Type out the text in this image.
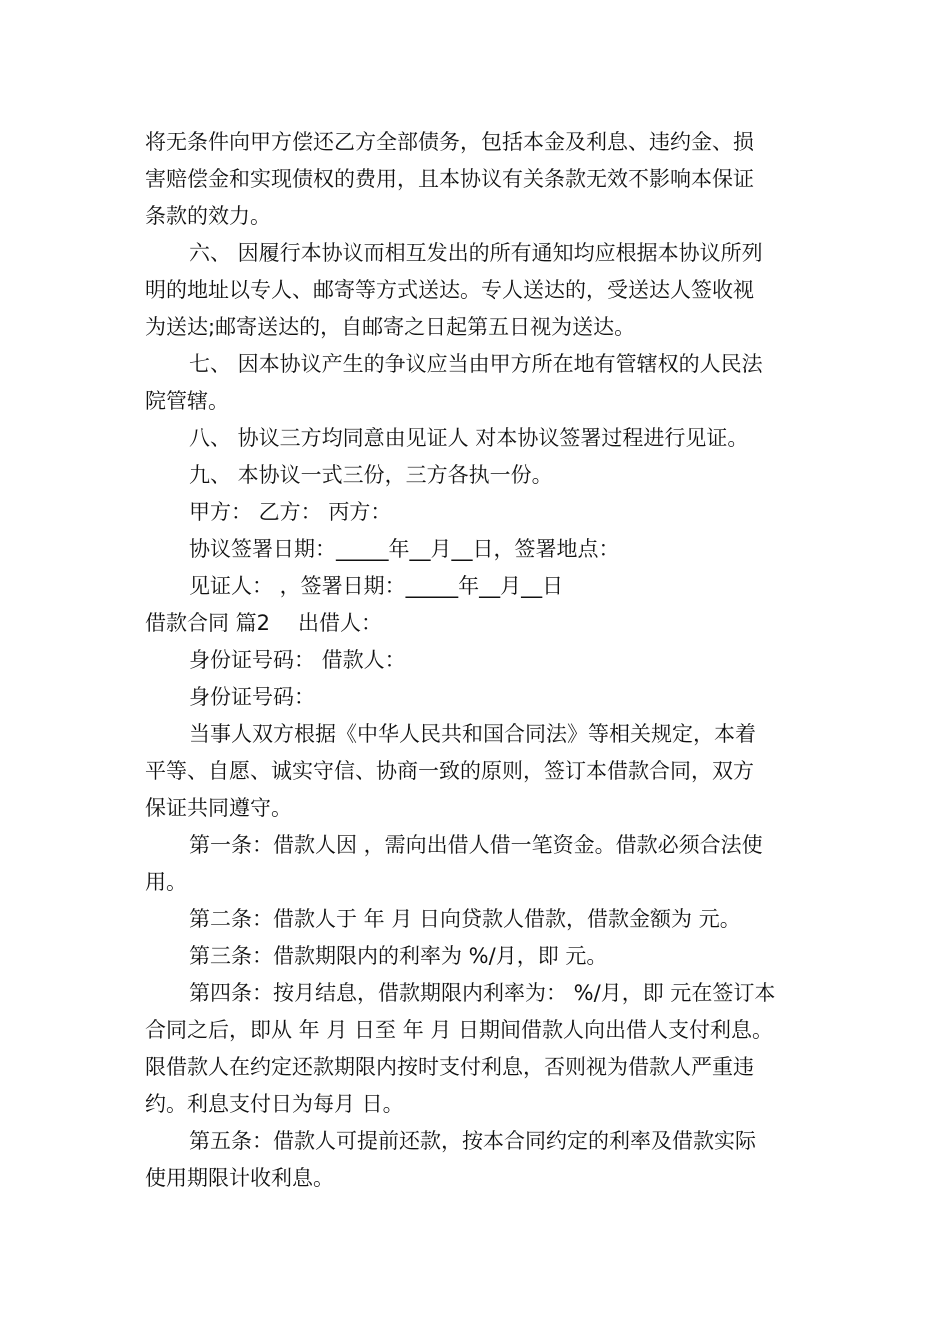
将无条件向甲方偿还乙方全部债务，包括本金及利息、违约金、损

害赔偿金和实现债权的费用，且本协议有关条款无效不影响本保证

条款的效力。

六、 因履行本协议而相互发出的所有通知均应根据本协议所列

明的地址以专人、邮寄等方式送达。专人送达的，受送达人签收视

为送达;邮寄送达的，自邮寄之日起第五日视为送达。

七、 因本协议产生的争议应当由甲方所在地有管辖权的人民法

院管辖。

八、 协议三方均同意由见证人 对本协议签署过程进行见证。

九、 本协议一式三份，三方各执一份。

甲方： 乙方： 丙方：

协议签署日期：_____年__月__日，签署地点：

见证人： ，签署日期：_____年__月__日

借款合同 篇2 出借人：

身份证号码： 借款人：

身份证号码：

当事人双方根据《中华人民共和国合同法》等相关规定，本着

平等、自愿、诚实守信、协商一致的原则，签订本借款合同，双方

保证共同遵守。

第一条：借款人因 ，需向出借人借一笔资金。借款必须合法使

用。

第二条：借款人于 年 月 日向贷款人借款，借款金额为 元。

第三条：借款期限内的利率为 %/月，即 元。

第四条：按月结息，借款期限内利率为： %/月，即 元在签订本

合同之后，即从 年 月 日至 年 月 日期间借款人向出借人支付利息。

限借款人在约定还款期限内按时支付利息，否则视为借款人严重违

约。利息支付日为每月 日。

第五条：借款人可提前还款，按本合同约定的利率及借款实际

使用期限计收利息。
